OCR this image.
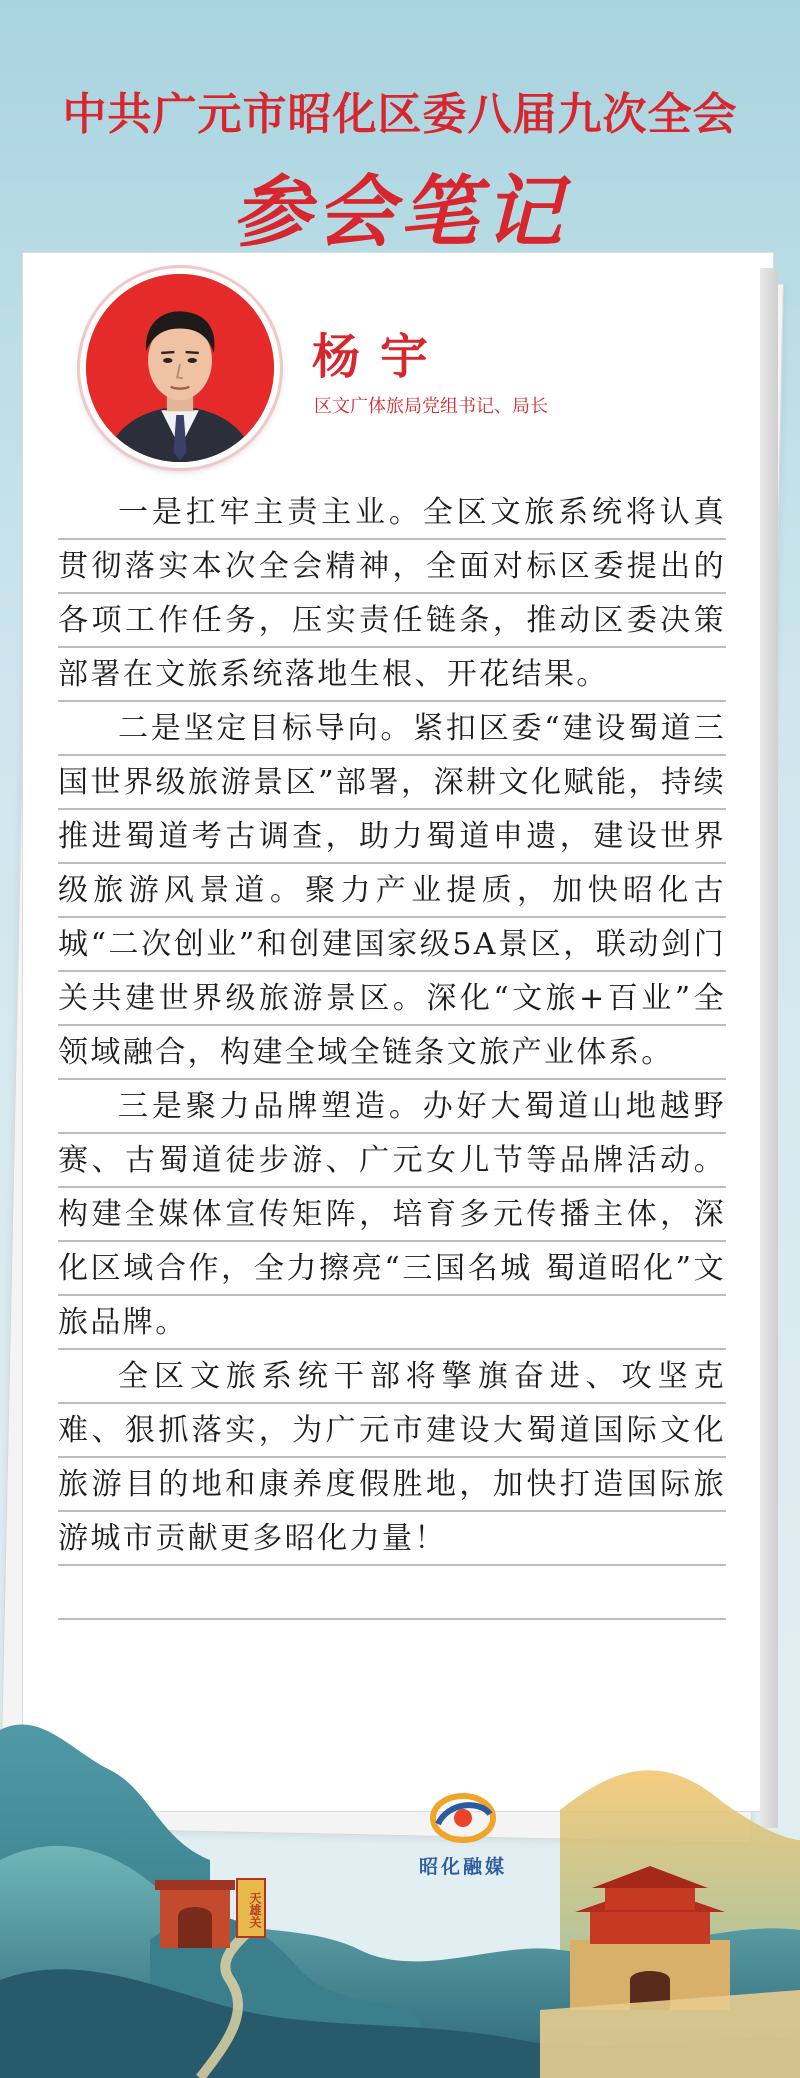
中共广元市昭化区委八届九次全会
参会笔记
杨宇
区文广体旅局党组书记、局长

一是扛牢主责主业。全区文旅系统将认真贯彻落实本次全会精神，全面对标区委提出的各项工作任务，压实责任链条，推动区委决策部署在文旅系统落地生根、开花结果。

二是坚定目标导向。紧扣区委“建设蜀道三国世界级旅游景区”部署，深耕文化赋能，持续推进蜀道考古调查，助力蜀道申遗，建设世界级旅游风景道。聚力产业提质，加快昭化古城“二次创业”和创建国家级5A景区，联动剑门关共建世界级旅游景区。深化“文旅+百业”全领域融合，构建全域全链条文旅产业体系。

三是聚力品牌塑造。办好大蜀道山地越野赛、古蜀道徒步游、广元女儿节等品牌活动。构建全媒体宣传矩阵，培育多元传播主体，深化区域合作，全力擦亮“三国名城 蜀道昭化”文旅品牌。

全区文旅系统干部将擎旗奋进、攻坚克难、狠抓落实，为广元市建设大蜀道国际文化旅游目的地和康养度假胜地，加快打造国际旅游城市贡献更多昭化力量！

天雄关
昭化融媒
